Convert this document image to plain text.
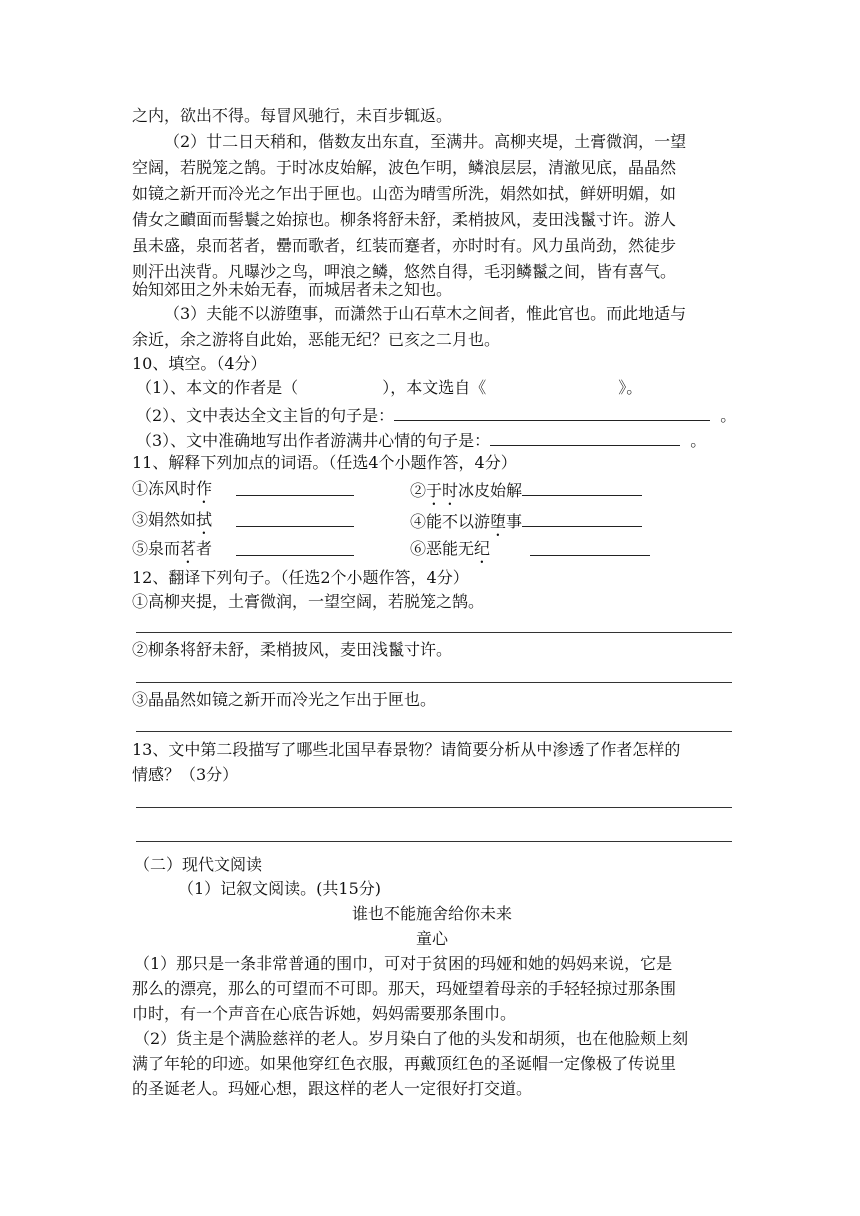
之内，欲出不得。每冒风驰行，未百步辄返。
（2）廿二日天稍和，偕数友出东直，至满井。高柳夹堤，土膏微润，一望
空阔，若脱笼之鹄。于时冰皮始解，波色乍明，鳞浪层层，清澈见底，晶晶然
如镜之新开而冷光之乍出于匣也。山峦为晴雪所洗，娟然如拭，鲜妍明媚，如
倩女之靧面而髻鬟之始掠也。柳条将舒未舒，柔梢披风，麦田浅鬣寸许。游人
虽未盛，泉而茗者，罍而歌者，红装而蹇者，亦时时有。风力虽尚劲，然徒步
则汗出浃背。凡曝沙之鸟，呷浪之鳞，悠然自得，毛羽鳞鬣之间，皆有喜气。
始知郊田之外未始无春，而城居者未之知也。
（3）夫能不以游堕事，而潇然于山石草木之间者，惟此官也。而此地适与
余近，余之游将自此始，恶能无纪？已亥之二月也。
10、填空。（4分）
（1）、本文的作者是（	），本文选自《	》。
（2）、文中表达全文主旨的句子是：	。
（3）、文中准确地写出作者游满井心情的句子是：	。
11、解释下列加点的词语。（任选4个小题作答，4分）
①冻风时作	②于时冰皮始解
③娟然如拭	④能不以游堕事
⑤泉而茗者	⑥恶能无纪
12、翻译下列句子。（任选2个小题作答，4分）
①高柳夹提，土膏微润，一望空阔，若脱笼之鹄。
②柳条将舒未舒，柔梢披风，麦田浅鬣寸许。
③晶晶然如镜之新开而冷光之乍出于匣也。
13、文中第二段描写了哪些北国早春景物？请简要分析从中渗透了作者怎样的
情感？（3分）
（二）现代文阅读
（1）记叙文阅读。(共15分)
谁也不能施舍给你未来
童心
（1）那只是一条非常普通的围巾，可对于贫困的玛娅和她的妈妈来说，它是
那么的漂亮，那么的可望而不可即。那天，玛娅望着母亲的手轻轻掠过那条围
巾时，有一个声音在心底告诉她，妈妈需要那条围巾。
（2）货主是个满脸慈祥的老人。岁月染白了他的头发和胡须，也在他脸颊上刻
满了年轮的印迹。如果他穿红色衣服，再戴顶红色的圣诞帽一定像极了传说里
的圣诞老人。玛娅心想，跟这样的老人一定很好打交道。
